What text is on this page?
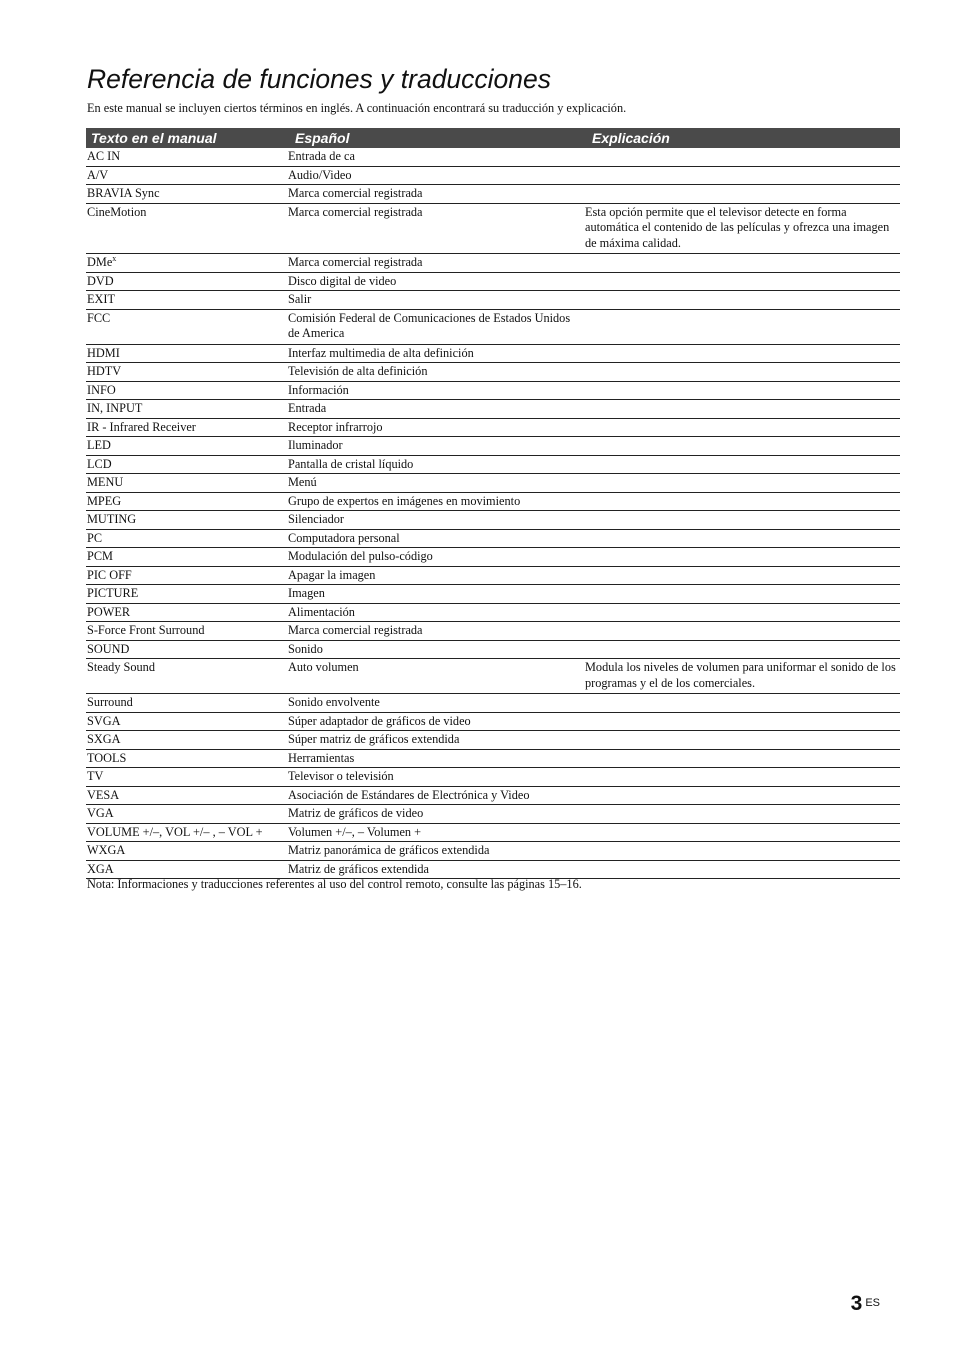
Referencia de funciones y traducciones
En este manual se incluyen ciertos términos en inglés. A continuación encontrará su traducción y explicación.
Texto en el manual	Español	Explicación
AC IN	Entrada de ca	
A/V	Audio/Video	
BRAVIA Sync	Marca comercial registrada	
CineMotion	Marca comercial registrada	Esta opción permite que el televisor detecte en forma automática el contenido de las películas y ofrezca una imagen de máxima calidad.
DMe$^x$	Marca comercial registrada	
DVD	Disco digital de video	
EXIT	Salir	
FCC	Comisión Federal de Comunicaciones de Estados Unidos de America	
HDMI	Interfaz multimedia de alta definición	
HDTV	Televisión de alta definición	
INFO	Información	
IN, INPUT	Entrada	
IR - Infrared Receiver	Receptor infrarrojo	
LED	Iluminador	
LCD	Pantalla de cristal líquido	
MENU	Menú	
MPEG	Grupo de expertos en imágenes en movimiento	
MUTING	Silenciador	
PC	Computadora personal	
PCM	Modulación del pulso-código	
PIC OFF	Apagar la imagen	
PICTURE	Imagen	
POWER	Alimentación	
S-Force Front Surround	Marca comercial registrada	
SOUND	Sonido	
Steady Sound	Auto volumen	Modula los niveles de volumen para uniformar el sonido de los programas y el de los comerciales.
Surround	Sonido envolvente	
SVGA	Súper adaptador de gráficos de video	
SXGA	Súper matriz de gráficos extendida	
TOOLS	Herramientas	
TV	Televisor o televisión	
VESA	Asociación de Estándares de Electrónica y Video	
VGA	Matriz de gráficos de video	
VOLUME +/–, VOL +/– , – VOL +	Volumen +/–, – Volumen +	
WXGA	Matriz panorámica de gráficos extendida	
XGA	Matriz de gráficos extendida	
Nota: Informaciones y traducciones referentes al uso del control remoto, consulte las páginas 15–16.
3 ES
